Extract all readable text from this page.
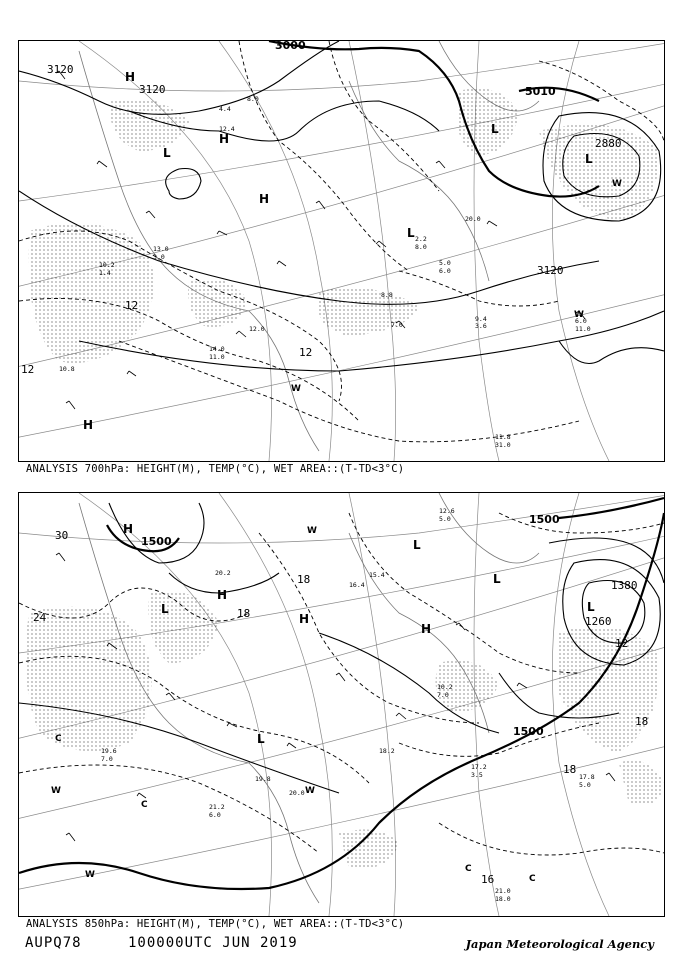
3000
3120
3120	5010
2880
3120
12
12
12
H
H
H
L
L
L
L
H
W
W
W
12.4
8.0
4.4
10.8
11.8
31.0
9.4
3.6
8.8
7.0	6.0
11.0
14.0
11.0
13.0
3.0
10.2
1.4
12.0
20.0
2.2
8.0
5.0
6.0
ANALYSIS 700hPa: HEIGHT(M), TEMP(°C), WET AREA::(T-TD<3°C)
1500
1500
1500
1380
1260
30
24	18
18
18
12
18
16
H
H
H
H
L
L
L
L
L
C
C
C
C
W
W
W
W
17.2
3.5	17.8
5.0
21.0
18.0
19.6
7.0
20.2
21.2
6.0
18.2
16.4
15.4
10.2
7.0
12.6
5.0
19.8
20.0
ANALYSIS 850hPa: HEIGHT(M), TEMP(°C), WET AREA::(T-TD<3°C)
AUPQ78	100000UTC JUN 2019	Japan Meteorological Agency
